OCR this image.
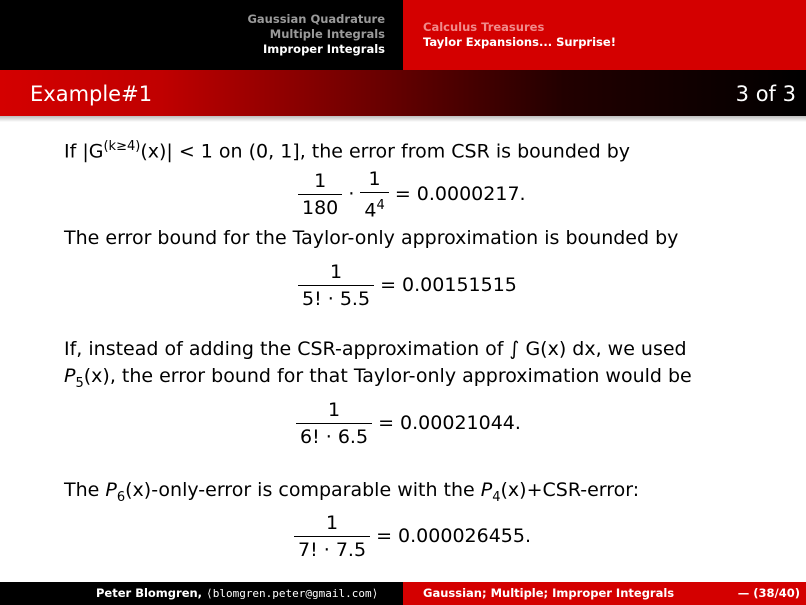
Gaussian Quadrature
Multiple Integrals
Improper Integrals
Calculus Treasures
Taylor Expansions... Surprise!
Example#1	3 of 3
If $|G^{(k\ge 4)}(x)| < 1$ on (0, 1], the error from CSR is bounded by
$\frac{1}{180} \cdot \frac{1}{4^4} = 0.0000217$.
The error bound for the Taylor-only approximation is bounded by
$\frac{1}{5! \cdot 5.5} = 0.00151515$
If, instead of adding the CSR-approximation of ∫ G(x) dx, we used
$P_5(x)$, the error bound for that Taylor-only approximation would be
$\frac{1}{6! \cdot 6.5} = 0.00021044$.
The $P_6(x)-only$-error is comparable with the $P_4(x)+CSR$-error:
$\frac{1}{7! \cdot 7.5} = 0.000026455$.
Peter Blomgren, ⟨blomgren.peter@gmail.com⟩	Gaussian; Multiple; Improper Integrals	— (38/40)
